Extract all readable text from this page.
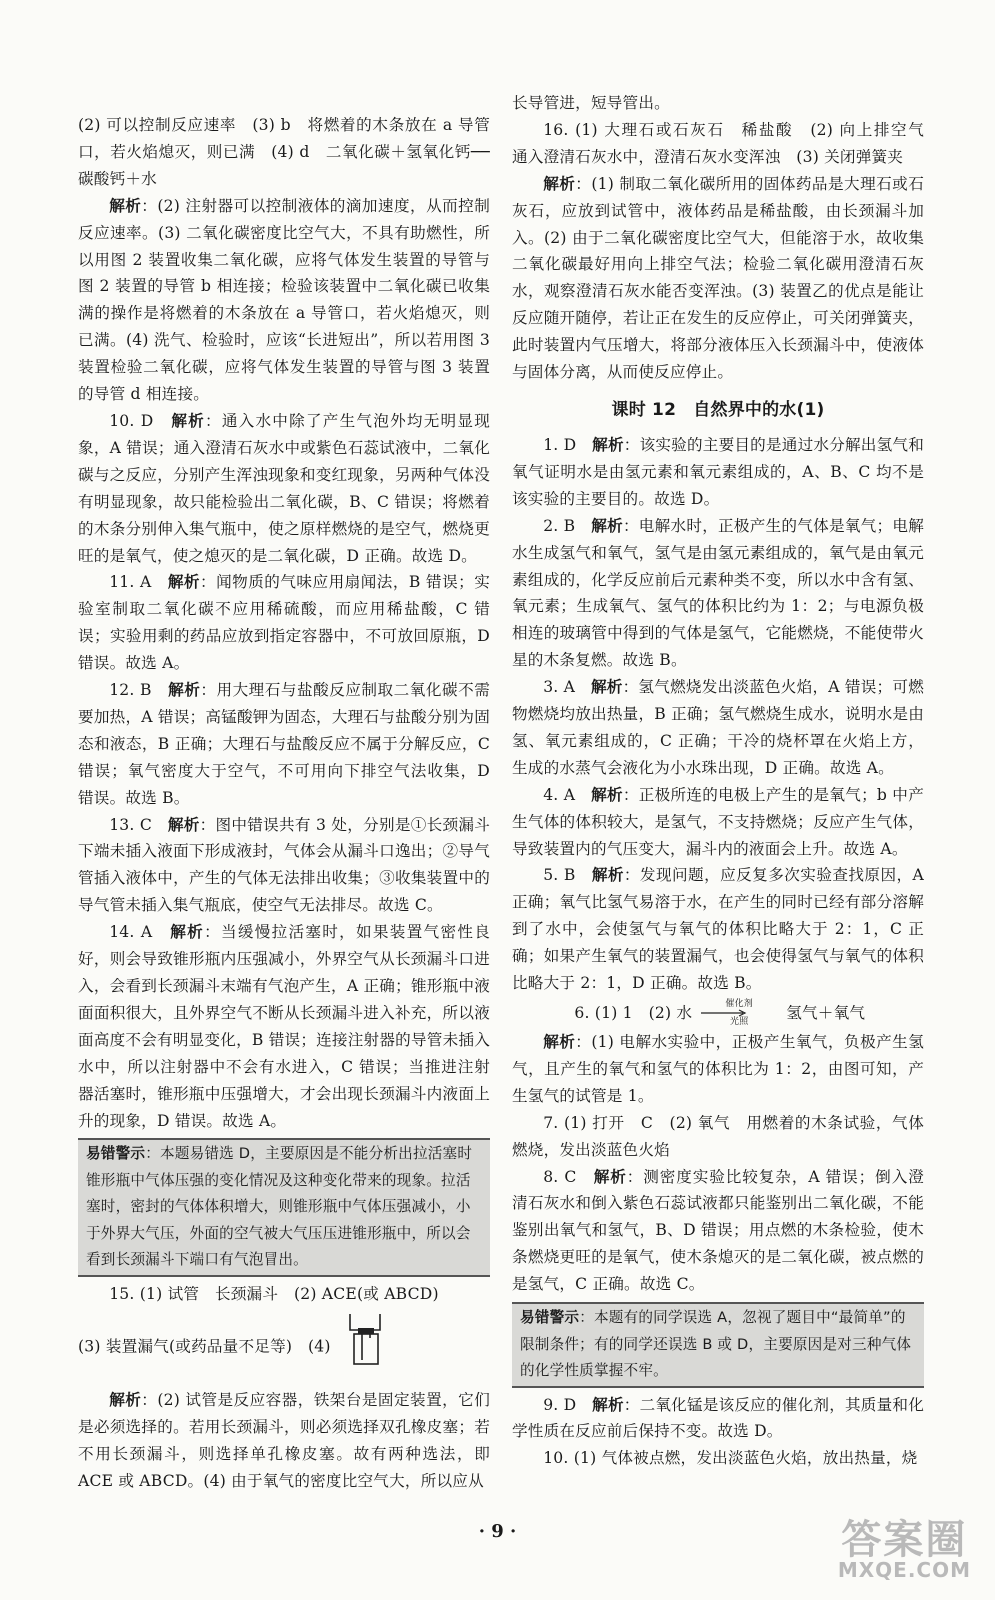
(2) 可以控制反应速率　(3) b　将燃着的木条放在 a 导管口，若火焰熄灭，则已满　(4) d　二氧化碳＋氢氧化钙──碳酸钙＋水

解析：(2) 注射器可以控制液体的滴加速度，从而控制反应速率。(3) 二氧化碳密度比空气大，不具有助燃性，所以用图 2 装置收集二氧化碳，应将气体发生装置的导管与图 2 装置的导管 b 相连接；检验该装置中二氧化碳已收集满的操作是将燃着的木条放在 a 导管口，若火焰熄灭，则已满。(4) 洗气、检验时，应该“长进短出”，所以若用图 3 装置检验二氧化碳，应将气体发生装置的导管与图 3 装置的导管 d 相连接。

10. D　解析：通入水中除了产生气泡外均无明显现象，A 错误；通入澄清石灰水中或紫色石蕊试液中，二氧化碳与之反应，分别产生浑浊现象和变红现象，另两种气体没有明显现象，故只能检验出二氧化碳，B、C 错误；将燃着的木条分别伸入集气瓶中，使之原样燃烧的是空气，燃烧更旺的是氧气，使之熄灭的是二氧化碳，D 正确。故选 D。

11. A　解析：闻物质的气味应用扇闻法，B 错误；实验室制取二氧化碳不应用稀硫酸，而应用稀盐酸，C 错误；实验用剩的药品应放到指定容器中，不可放回原瓶，D 错误。故选 A。

12. B　解析：用大理石与盐酸反应制取二氧化碳不需要加热，A 错误；高锰酸钾为固态，大理石与盐酸分别为固态和液态，B 正确；大理石与盐酸反应不属于分解反应，C 错误；氧气密度大于空气，不可用向下排空气法收集，D 错误。故选 B。

13. C　解析：图中错误共有 3 处，分别是①长颈漏斗下端未插入液面下形成液封，气体会从漏斗口逸出；②导气管插入液体中，产生的气体无法排出收集；③收集装置中的导气管未插入集气瓶底，使空气无法排尽。故选 C。

14. A　解析：当缓慢拉活塞时，如果装置气密性良好，则会导致锥形瓶内压强减小，外界空气从长颈漏斗口进入，会看到长颈漏斗末端有气泡产生，A 正确；锥形瓶中液面面积很大，且外界空气不断从长颈漏斗进入补充，所以液面高度不会有明显变化，B 错误；连接注射器的导管未插入水中，所以注射器中不会有水进入，C 错误；当推进注射器活塞时，锥形瓶中压强增大，才会出现长颈漏斗内液面上升的现象，D 错误。故选 A。

易错警示：本题易错选 D，主要原因是不能分析出拉活塞时锥形瓶中气体压强的变化情况及这种变化带来的现象。拉活塞时，密封的气体体积增大，则锥形瓶中气体压强减小，小于外界大气压，外面的空气被大气压压进锥形瓶中，所以会看到长颈漏斗下端口有气泡冒出。

15. (1) 试管　长颈漏斗　(2) ACE(或 ABCD)

(3) 装置漏气(或药品量不足等)　(4)

解析：(2) 试管是反应容器，铁架台是固定装置，它们是必须选择的。若用长颈漏斗，则必须选择双孔橡皮塞；若不用长颈漏斗，则选择单孔橡皮塞。故有两种选法，即 ACE 或 ABCD。(4) 由于氧气的密度比空气大，所以应从

长导管进，短导管出。

16. (1) 大理石或石灰石　稀盐酸　(2) 向上排空气　通入澄清石灰水中，澄清石灰水变浑浊　(3) 关闭弹簧夹

解析：(1) 制取二氧化碳所用的固体药品是大理石或石灰石，应放到试管中，液体药品是稀盐酸，由长颈漏斗加入。(2) 由于二氧化碳密度比空气大，但能溶于水，故收集二氧化碳最好用向上排空气法；检验二氧化碳用澄清石灰水，观察澄清石灰水能否变浑浊。(3) 装置乙的优点是能让反应随开随停，若让正在发生的反应停止，可关闭弹簧夹，此时装置内气压增大，将部分液体压入长颈漏斗中，使液体与固体分离，从而使反应停止。

课时 12　自然界中的水(1)

1. D　解析：该实验的主要目的是通过水分解出氢气和氧气证明水是由氢元素和氧元素组成的，A、B、C 均不是该实验的主要目的。故选 D。

2. B　解析：电解水时，正极产生的气体是氧气；电解水生成氢气和氧气，氢气是由氢元素组成的，氧气是由氧元素组成的，化学反应前后元素种类不变，所以水中含有氢、氧元素；生成氧气、氢气的体积比约为 1：2；与电源负极相连的玻璃管中得到的气体是氢气，它能燃烧，不能使带火星的木条复燃。故选 B。

3. A　解析：氢气燃烧发出淡蓝色火焰，A 错误；可燃物燃烧均放出热量，B 正确；氢气燃烧生成水，说明水是由氢、氧元素组成的，C 正确；干冷的烧杯罩在火焰上方，生成的水蒸气会液化为小水珠出现，D 正确。故选 A。

4. A　解析：正极所连的电极上产生的是氧气；b 中产生气体的体积较大，是氢气，不支持燃烧；反应产生气体，导致装置内的气压变大，漏斗内的液面会上升。故选 A。

5. B　解析：发现问题，应反复多次实验查找原因，A 正确；氧气比氢气易溶于水，在产生的同时已经有部分溶解到了水中，会使氢气与氧气的体积比略大于 2：1，C 正确；如果产生氧气的装置漏气，也会使得氢气与氧气的体积比略大于 2：1，D 正确。故选 B。

6. (1) 1　(2) 水	催化剂
光照	氢气＋氧气

解析：(1) 电解水实验中，正极产生氧气，负极产生氢气，且产生的氧气和氢气的体积比为 1：2，由图可知，产生氢气的试管是 1。

7. (1) 打开　C　(2) 氧气　用燃着的木条试验，气体燃烧，发出淡蓝色火焰

8. C　解析：测密度实验比较复杂，A 错误；倒入澄清石灰水和倒入紫色石蕊试液都只能鉴别出二氧化碳，不能鉴别出氧气和氢气，B、D 错误；用点燃的木条检验，使木条燃烧更旺的是氧气，使木条熄灭的是二氧化碳，被点燃的是氢气，C 正确。故选 C。

易错警示：本题有的同学误选 A，忽视了题目中“最简单”的限制条件；有的同学还误选 B 或 D，主要原因是对三种气体的化学性质掌握不牢。

9. D　解析：二氧化锰是该反应的催化剂，其质量和化学性质在反应前后保持不变。故选 D。

10. (1) 气体被点燃，发出淡蓝色火焰，放出热量，烧

· 9 ·	答案圈
MXQE.COM
